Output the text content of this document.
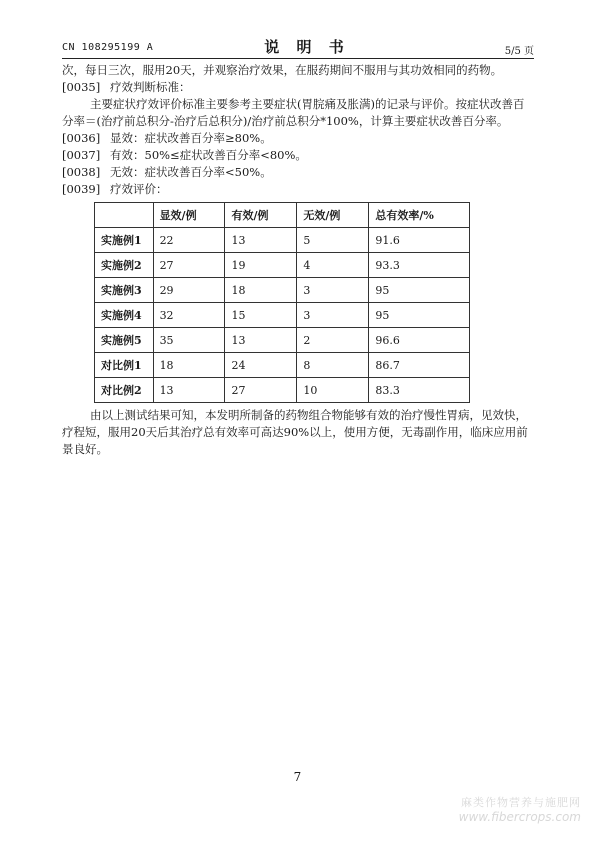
CN 108295199 A	说 明 书	5/5 页

次，每日三次，服用20天，并观察治疗效果，在服药期间不服用与其功效相同的药物。

[0035] 疗效判断标准：

主要症状疗效评价标准主要参考主要症状(胃脘痛及胀满)的记录与评价。按症状改善百分率＝(治疗前总积分-治疗后总积分)/治疗前总积分*100%，计算主要症状改善百分率。

[0036] 显效：症状改善百分率≥80%。

[0037] 有效：50%≤症状改善百分率<80%。

[0038] 无效：症状改善百分率<50%。

[0039] 疗效评价：

	显效/例	有效/例	无效/例	总有效率/%
实施例1	22	13	5	91.6
实施例2	27	19	4	93.3
实施例3	29	18	3	95
实施例4	32	15	3	95
实施例5	35	13	2	96.6
对比例1	18	24	8	86.7
对比例2	13	27	10	83.3

由以上测试结果可知，本发明所制备的药物组合物能够有效的治疗慢性胃病，见效快，疗程短，服用20天后其治疗总有效率可高达90%以上，使用方便，无毒副作用，临床应用前景良好。

7
麻类作物营养与施肥网
www.fibercrops.com
